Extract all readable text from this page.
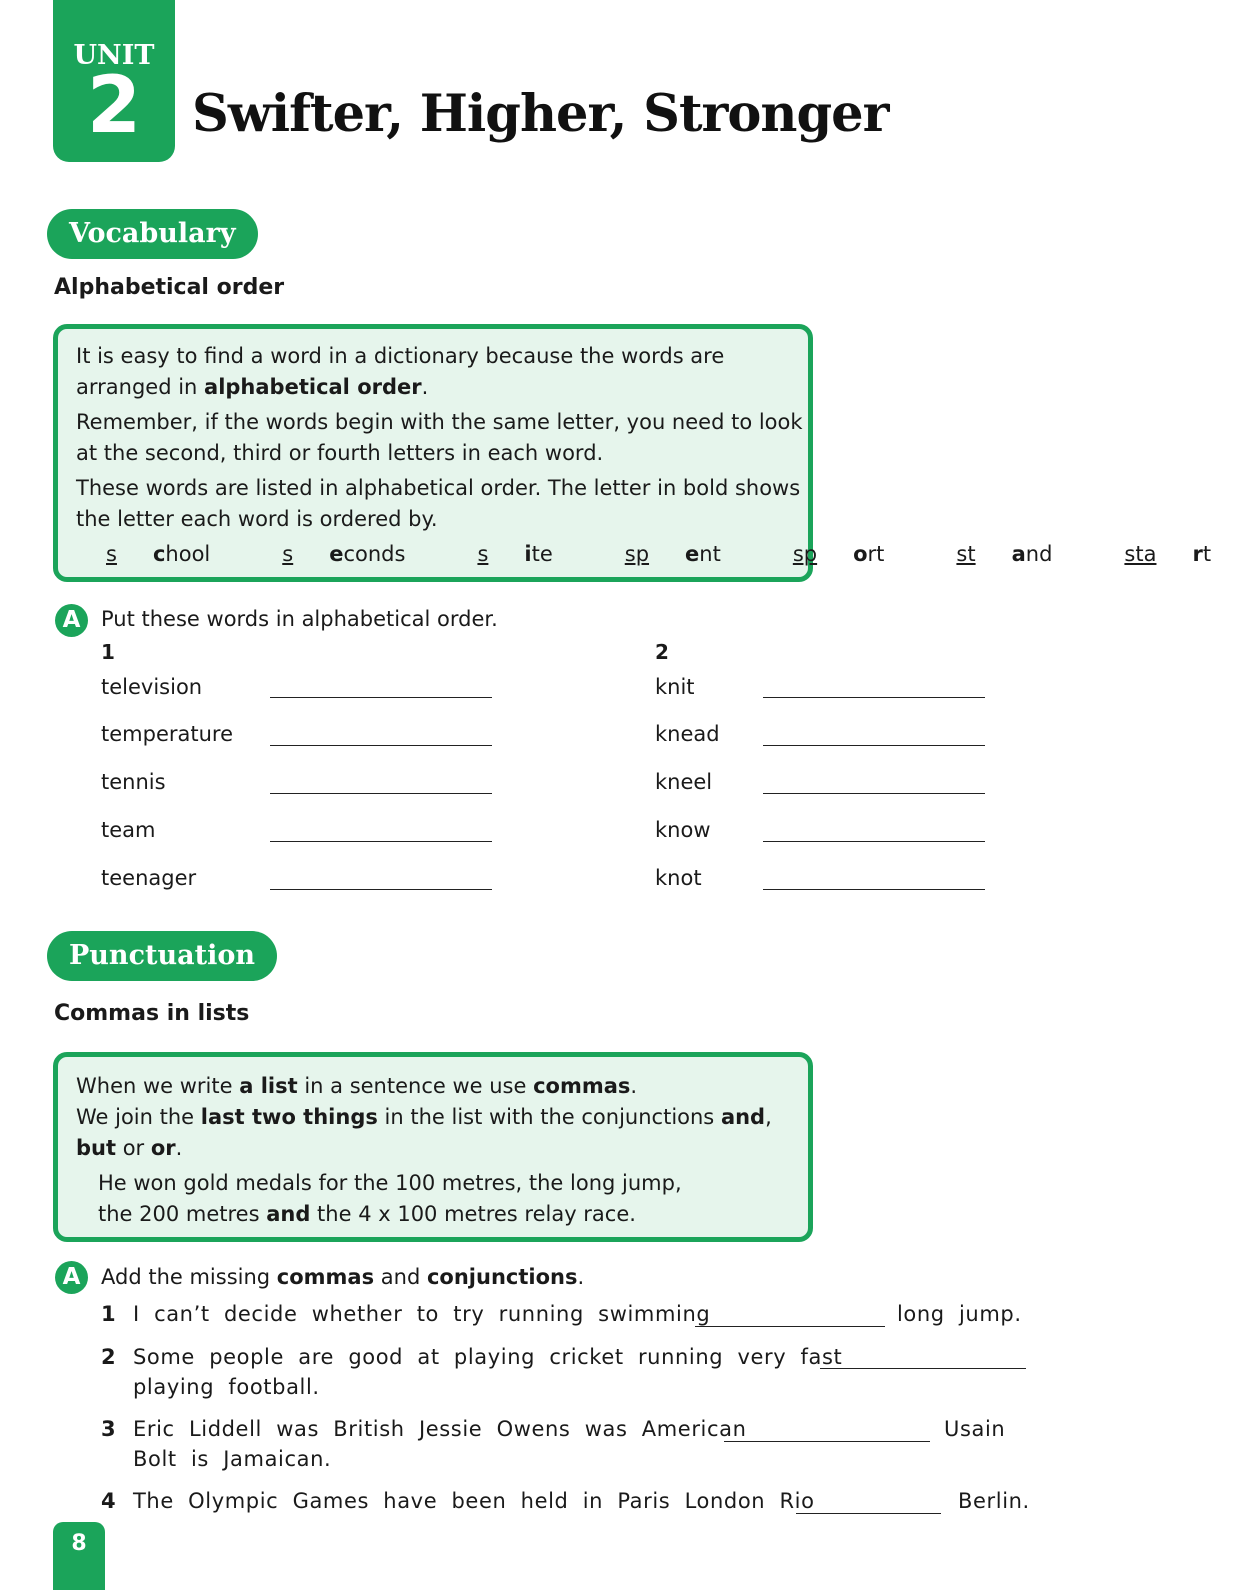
UNIT
2 Swifter, Higher, Stronger
Vocabulary
Alphabetical order

It is easy to find a word in a dictionary because the words are arranged in alphabetical order.

Remember, if the words begin with the same letter, you need to look at the second, third or fourth letters in each word.

These words are listed in alphabetical order. The letter in bold shows the letter each word is ordered by.

s chool	s econds	s ite	sp ent	sp ort	st and	sta rt
A Put these words in alphabetical order.
1	2
television
temperature
tennis
team
teenager
knit
knead
kneel
know
knot
Punctuation
Commas in lists
When we write a list in a sentence we use commas.
We join the last two things in the list with the conjunctions and,
but or or.
He won gold medals for the 100 metres, the long jump,
the 200 metres and the 4 x 100 metres relay race.
A Add the missing commas and conjunctions.
1 I can’t decide whether to try running swimming	long jump.
2 Some people are good at playing cricket running very fast
playing football.
3 Eric Liddell was British Jessie Owens was American	Usain
Bolt is Jamaican.
4 The Olympic Games have been held in Paris London Rio	Berlin.
8
